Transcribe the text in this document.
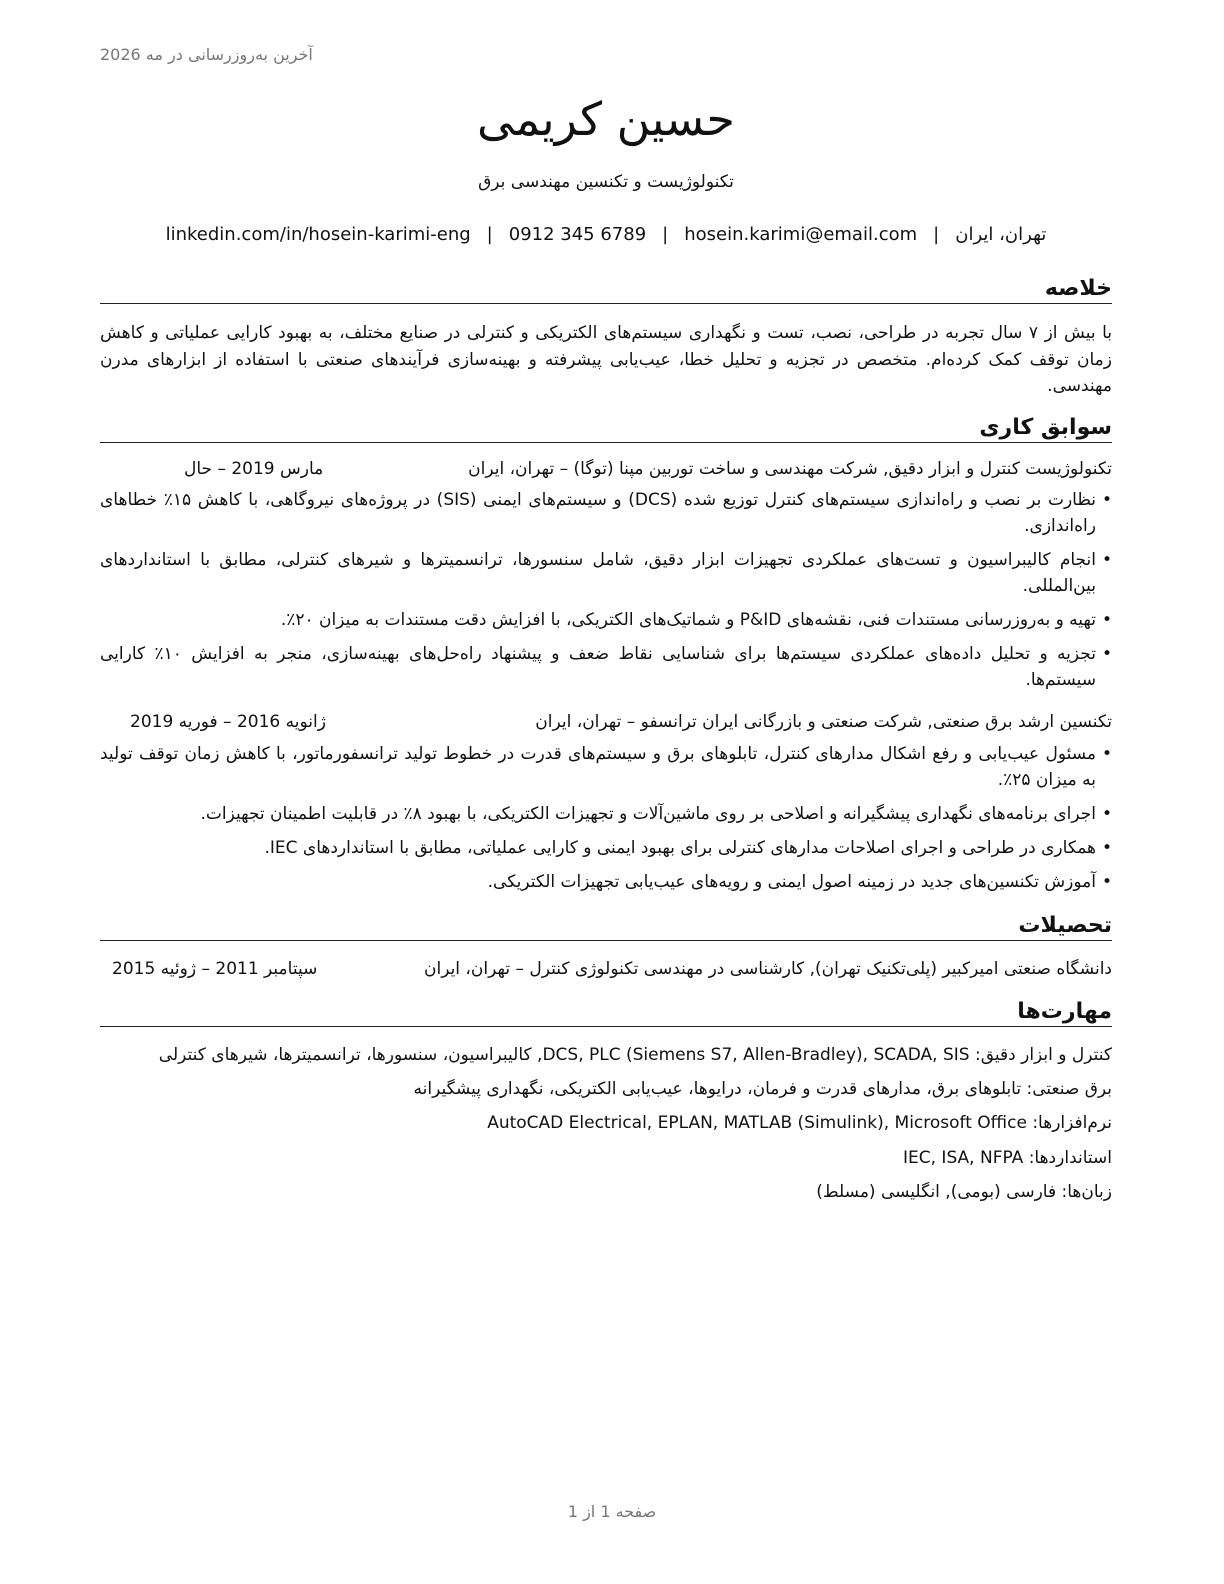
آخرین به‌روزرسانی در مه 2026
حسین کریمی
تکنولوژیست و تکنسین مهندسی برق
تهران، ایران|hosein.karimi@email.com|0912 345 6789|linkedin.com/in/hosein-karimi-eng
خلاصه

با بیش از ۷ سال تجربه در طراحی، نصب، تست و نگهداری سیستم‌های الکتریکی و کنترلی در صنایع مختلف، به بهبود کارایی عملیاتی و کاهش زمان توقف کمک کرده‌ام. متخصص در تجزیه و تحلیل خطا، عیب‌یابی پیشرفته و بهینه‌سازی فرآیندهای صنعتی با استفاده از ابزارهای مدرن مهندسی.

سوابق کاری
تکنولوژیست کنترل و ابزار دقیق, شرکت مهندسی و ساخت توربین مپنا (توگا) – تهران، ایران
مارس 2019 – حال
• نظارت بر نصب و راه‌اندازی سیستم‌های کنترل توزیع شده (DCS) و سیستم‌های ایمنی (SIS) در پروژه‌های نیروگاهی، با کاهش ۱۵٪ خطاهای راه‌اندازی.
• انجام کالیبراسیون و تست‌های عملکردی تجهیزات ابزار دقیق، شامل سنسورها، ترانسمیترها و شیرهای کنترلی، مطابق با استانداردهای بین‌المللی.
• تهیه و به‌روزرسانی مستندات فنی، نقشه‌های P&ID و شماتیک‌های الکتریکی، با افزایش دقت مستندات به میزان ۲۰٪.
• تجزیه و تحلیل داده‌های عملکردی سیستم‌ها برای شناسایی نقاط ضعف و پیشنهاد راه‌حل‌های بهینه‌سازی، منجر به افزایش ۱۰٪ کارایی سیستم‌ها.
تکنسین ارشد برق صنعتی, شرکت صنعتی و بازرگانی ایران ترانسفو – تهران، ایران
ژانویه 2016 – فوریه 2019
• مسئول عیب‌یابی و رفع اشکال مدارهای کنترل، تابلوهای برق و سیستم‌های قدرت در خطوط تولید ترانسفورماتور، با کاهش زمان توقف تولید به میزان ۲۵٪.
• اجرای برنامه‌های نگهداری پیشگیرانه و اصلاحی بر روی ماشین‌آلات و تجهیزات الکتریکی، با بهبود ۸٪ در قابلیت اطمینان تجهیزات.
• همکاری در طراحی و اجرای اصلاحات مدارهای کنترلی برای بهبود ایمنی و کارایی عملیاتی، مطابق با استانداردهای IEC.
• آموزش تکنسین‌های جدید در زمینه اصول ایمنی و رویه‌های عیب‌یابی تجهیزات الکتریکی.
تحصیلات
دانشگاه صنعتی امیرکبیر (پلی‌تکنیک تهران), کارشناسی در مهندسی تکنولوژی کنترل – تهران، ایران
سپتامبر 2011 – ژوئیه 2015
مهارت‌ها
کنترل و ابزار دقیق: DCS, PLC (Siemens S7, Allen-Bradley), SCADA, SIS, کالیبراسیون، سنسورها، ترانسمیترها، شیرهای کنترلی
برق صنعتی: تابلوهای برق، مدارهای قدرت و فرمان، درایوها، عیب‌یابی الکتریکی، نگهداری پیشگیرانه
نرم‌افزارها: AutoCAD Electrical, EPLAN, MATLAB (Simulink), Microsoft Office
استانداردها: IEC, ISA, NFPA
زبان‌ها: فارسی (بومی), انگلیسی (مسلط)
صفحه 1 از 1
